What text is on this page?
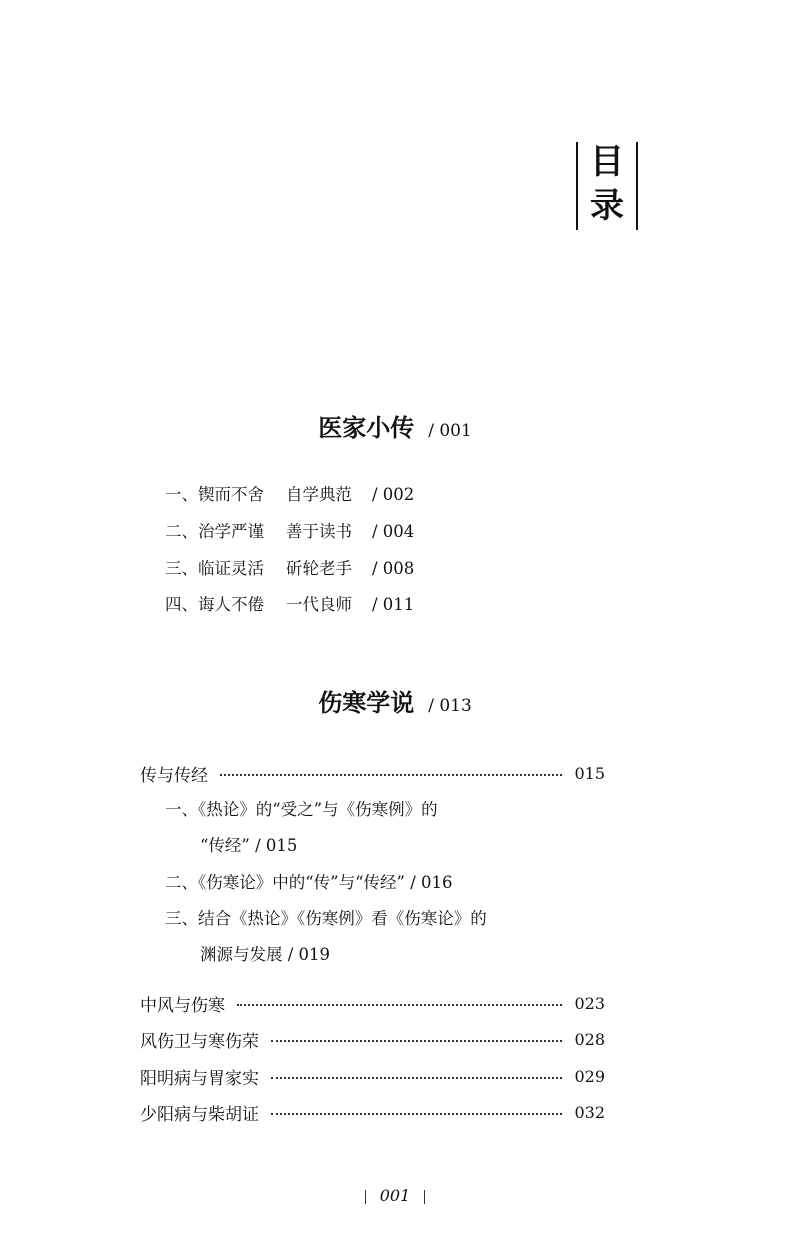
目
录
医家小传 / 001
一、锲而不舍 自学典范 / 002
二、治学严谨 善于读书 / 004
三、临证灵活 斫轮老手 / 008
四、诲人不倦 一代良师 / 011
伤寒学说 / 013
传与传经	015
一、《热论》的“受之”与《伤寒例》的
“传经” / 015
二、《伤寒论》中的“传”与“传经” / 016
三、结合《热论》《伤寒例》看《伤寒论》的
渊源与发展 / 019
中风与伤寒	023
风伤卫与寒伤荣	028
阳明病与胃家实	029
少阳病与柴胡证	032
001
